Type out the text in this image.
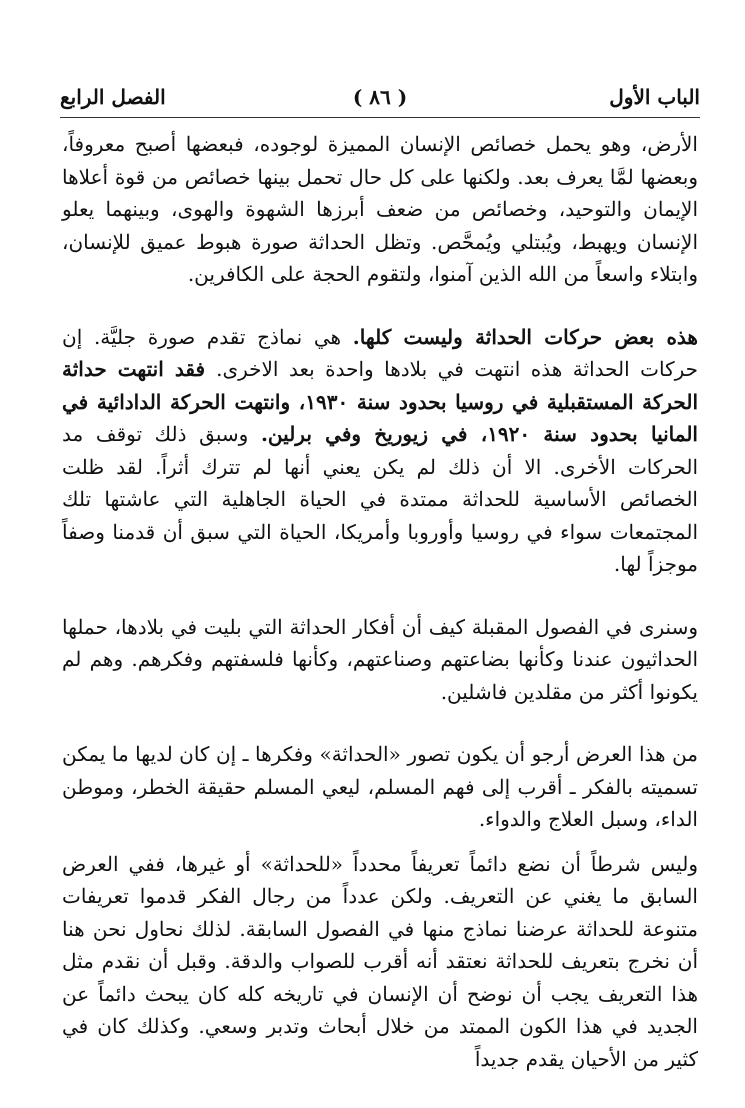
الباب الأول
( ٨٦ )
الفصل الرابع

الأرض، وهو يحمل خصائص الإنسان المميزة لوجوده، فبعضها أصبح معروفاً، وبعضها لمَّا يعرف بعد. ولكنها على كل حال تحمل بينها خصائص من قوة أعلاها الإيمان والتوحيد، وخصائص من ضعف أبرزها الشهوة والهوى، وبينهما يعلو الإنسان ويهبط، ويُبتلي ويُمحَّص. وتظل الحداثة صورة هبوط عميق للإنسان، وابتلاء واسعاً من الله الذين آمنوا، ولتقوم الحجة على الكافرين.

هذه بعض حركات الحداثة وليست كلها. هي نماذج تقدم صورة جليَّة. إن حركات الحداثة هذه انتهت في بلادها واحدة بعد الاخرى. فقد انتهت حداثة الحركة المستقبلية في روسيا بحدود سنة ١٩٣٠، وانتهت الحركة الدادائية في المانيا بحدود سنة ١٩٢٠، في زيوريخ وفي برلين. وسبق ذلك توقف مد الحركات الأخرى. الا أن ذلك لم يكن يعني أنها لم تترك أثراً. لقد ظلت الخصائص الأساسية للحداثة ممتدة في الحياة الجاهلية التي عاشتها تلك المجتمعات سواء في روسيا وأوروبا وأمريكا، الحياة التي سبق أن قدمنا وصفاً موجزاً لها.

وسنرى في الفصول المقبلة كيف أن أفكار الحداثة التي بليت في بلادها، حملها الحداثيون عندنا وكأنها بضاعتهم وصناعتهم، وكأنها فلسفتهم وفكرهم. وهم لم يكونوا أكثر من مقلدين فاشلين.

من هذا العرض أرجو أن يكون تصور «الحداثة» وفكرها ـ إن كان لديها ما يمكن تسميته بالفكر ـ أقرب إلى فهم المسلم، ليعي المسلم حقيقة الخطر، وموطن الداء، وسبل العلاج والدواء.

وليس شرطاً أن نضع دائماً تعريفاً محدداً «للحداثة» أو غيرها، ففي العرض السابق ما يغني عن التعريف. ولكن عدداً من رجال الفكر قدموا تعريفات متنوعة للحداثة عرضنا نماذج منها في الفصول السابقة. لذلك نحاول نحن هنا أن نخرج بتعريف للحداثة نعتقد أنه أقرب للصواب والدقة. وقبل أن نقدم مثل هذا التعريف يجب أن نوضح أن الإنسان في تاريخه كله كان يبحث دائماً عن الجديد في هذا الكون الممتد من خلال أبحاث وتدبر وسعي. وكذلك كان في كثير من الأحيان يقدم جديداً
